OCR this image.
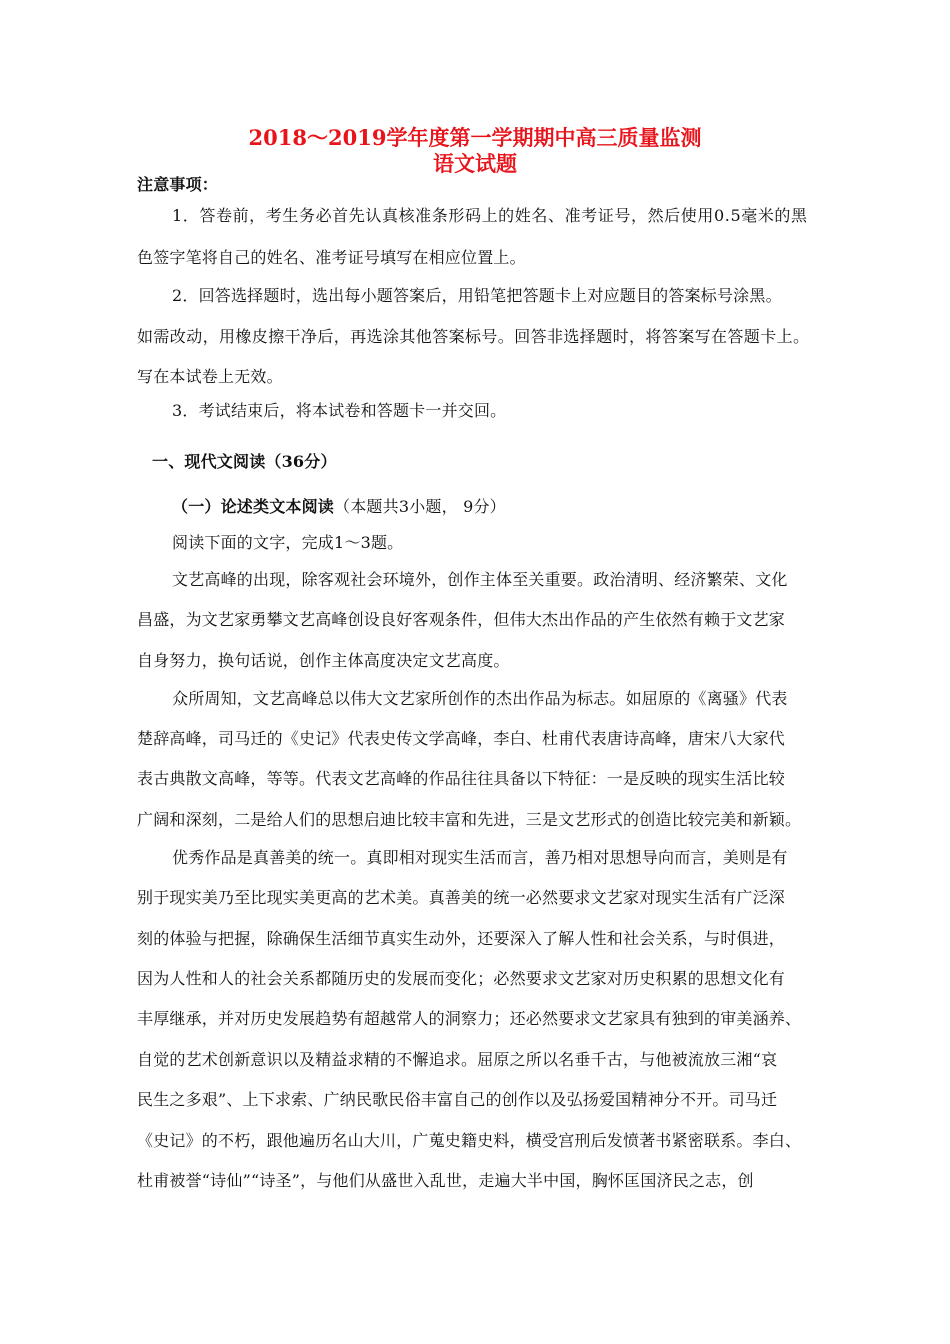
2018～2019学年度第一学期期中高三质量监测
语文试题
注意事项：
1．答卷前，考生务必首先认真核准条形码上的姓名、准考证号，然后使用0.5毫米的黑
色签字笔将自己的姓名、准考证号填写在相应位置上。
2．回答选择题时，选出每小题答案后，用铅笔把答题卡上对应题目的答案标号涂黑。
如需改动，用橡皮擦干净后，再选涂其他答案标号。回答非选择题时，将答案写在答题卡上。
写在本试卷上无效。
3．考试结束后，将本试卷和答题卡一并交回。
一、现代文阅读（36分）
（一）论述类文本阅读（本题共3小题， 9分）
阅读下面的文字，完成1～3题。
文艺高峰的出现，除客观社会环境外，创作主体至关重要。政治清明、经济繁荣、文化
昌盛，为文艺家勇攀文艺高峰创设良好客观条件，但伟大杰出作品的产生依然有赖于文艺家
自身努力，换句话说，创作主体高度决定文艺高度。
众所周知，文艺高峰总以伟大文艺家所创作的杰出作品为标志。如屈原的《离骚》代表
楚辞高峰，司马迁的《史记》代表史传文学高峰，李白、杜甫代表唐诗高峰，唐宋八大家代
表古典散文高峰，等等。代表文艺高峰的作品往往具备以下特征：一是反映的现实生活比较
广阔和深刻，二是给人们的思想启迪比较丰富和先进，三是文艺形式的创造比较完美和新颖。
优秀作品是真善美的统一。真即相对现实生活而言，善乃相对思想导向而言，美则是有
别于现实美乃至比现实美更高的艺术美。真善美的统一必然要求文艺家对现实生活有广泛深
刻的体验与把握，除确保生活细节真实生动外，还要深入了解人性和社会关系，与时俱进，
因为人性和人的社会关系都随历史的发展而变化；必然要求文艺家对历史积累的思想文化有
丰厚继承，并对历史发展趋势有超越常人的洞察力；还必然要求文艺家具有独到的审美涵养、
自觉的艺术创新意识以及精益求精的不懈追求。屈原之所以名垂千古，与他被流放三湘“哀
民生之多艰”、上下求索、广纳民歌民俗丰富自己的创作以及弘扬爱国精神分不开。司马迁
《史记》的不朽，跟他遍历名山大川，广蒐史籍史料，横受宫刑后发愤著书紧密联系。李白、
杜甫被誉“诗仙”“诗圣”，与他们从盛世入乱世，走遍大半中国，胸怀匡国济民之志，创
